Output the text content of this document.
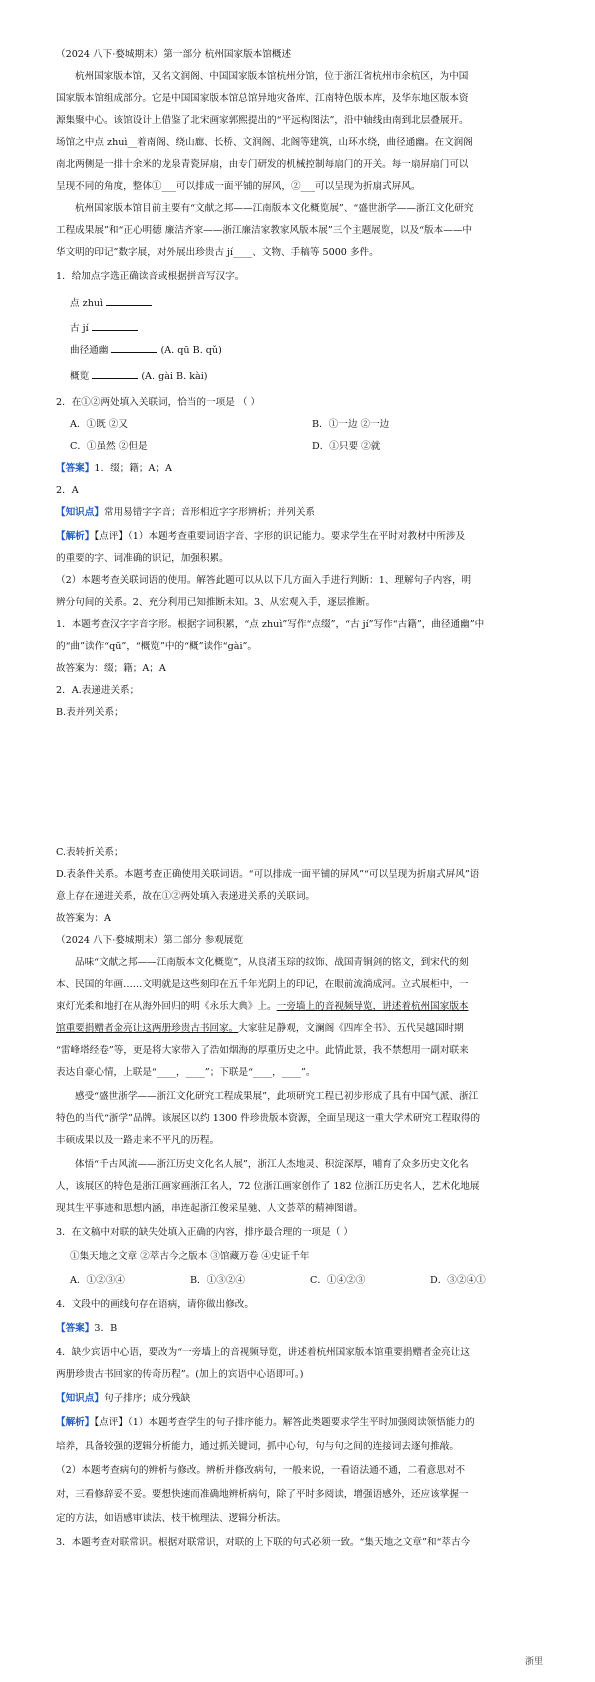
（2024 八下·婺城期末）第一部分 杭州国家版本馆概述
杭州国家版本馆，又名文润阁、中国国家版本馆杭州分馆，位于浙江省杭州市余杭区，为中国
国家版本馆组成部分。它是中国国家版本馆总馆异地灾备库、江南特色版本库，及华东地区版本资
源集聚中心。该馆设计上借鉴了北宋画家郭熙提出的“平远构图法”，沿中轴线由南到北层叠展开。
场馆之中点 zhuì__着南阁、绕山廊、长桥、文润阁、北阁等建筑，山环水绕，曲径通幽。在文润阁
南北两侧是一排十余米的龙泉青瓷屏扇，由专门研发的机械控制每扇门的开关。每一扇屏扇门可以
呈现不同的角度，整体①___可以排成一面平铺的屏风，②___可以呈现为折扇式屏风。
杭州国家版本馆目前主要有“文献之邦——江南版本文化概览展”、“盛世浙学——浙江文化研究
工程成果展”和“正心明德 廉洁齐家——浙江廉洁家教家风版本展”三个主题展览，以及“版本——中
华文明的印记”数字展，对外展出珍贵古 jí____、文物、手稿等 5000 多件。
1．给加点字选正确读音或根据拼音写汉字。
点 zhuì
古 jí
曲径通幽	(A. qū B. qǔ)
概览	(A. gài B. kài)
2．在①②两处填入关联词，恰当的一项是 （ ）
A．①既 ②又	B．①一边 ②一边
C．①虽然 ②但是	D．①只要 ②就
【答案】1．缀；籍；A；A
2．A
【知识点】常用易错字字音；音形相近字字形辨析；并列关系
【解析】【点评】（1）本题考查重要词语字音、字形的识记能力。要求学生在平时对教材中所涉及
的重要的字、词准确的识记，加强积累。
（2）本题考查关联词语的使用。解答此题可以从以下几方面入手进行判断：1、理解句子内容，明
辨分句间的关系。2、充分利用已知推断未知。3、从宏观入手，逐层推断。
1．本题考查汉字字音字形。根据字词积累，“点 zhuì”写作“点缀”，“古 jí”写作“古籍”，曲径通幽”中
的“曲”读作“qū”，“概览”中的“概”读作“gài”。
故答案为：缀；籍；A；A
2．A.表递进关系；
B.表并列关系；
C.表转折关系；
D.表条件关系。本题考查正确使用关联词语。“可以排成一面平铺的屏风”“可以呈现为折扇式屏风”语
意上存在递进关系，故在①②两处填入表递进关系的关联词。
故答案为：A
（2024 八下·婺城期末）第二部分 参观展览
品味“文献之邦——江南版本文化概览”，从良渚玉琮的纹饰、战国青铜剑的铭文，到宋代的刻
本、民国的年画……文明就是这些刻印在五千年光阴上的印记，在眼前流淌成河。立式展柜中，一
束灯光柔和地打在从海外回归的明《永乐大典》上。一旁墙上的音视频导览，讲述着杭州国家版本
馆重要捐赠者金亮让这两册珍贵古书回家。大家驻足静观，文澜阁《四库全书》、五代吴越国时期
“雷峰塔经卷”等，更是将大家带入了浩如烟海的厚重历史之中。此情此景，我不禁想用一副对联来
表达自豪心情，上联是“____，____”；下联是“____，____”。
感受“盛世浙学——浙江文化研究工程成果展”，此项研究工程已初步形成了具有中国气派、浙江
特色的当代“浙学”品牌。该展区以约 1300 件珍贵版本资源，全面呈现这一重大学术研究工程取得的
丰硕成果以及一路走来不平凡的历程。
体悟“千古风流——浙江历史文化名人展”，浙江人杰地灵、积淀深厚，哺育了众多历史文化名
人，该展区的特色是浙江画家画浙江名人，72 位浙江画家创作了 182 位浙江历史名人，艺术化地展
现其生平事迹和思想内涵，串连起浙江俊采星驰、人文荟萃的精神图谱。
3．在文稿中对联的缺失处填入正确的内容，排序最合理的一项是（ ）
①集天地之文章 ②萃古今之版本 ③馆藏万卷 ④史证千年
A．①②③④	B．①③②④	C．①④②③	D．③②④①
4．文段中的画线句存在语病，请你做出修改。
【答案】3．B
4．缺少宾语中心语，要改为“一旁墙上的音视频导览，讲述着杭州国家版本馆重要捐赠者金亮让这
两册珍贵古书回家的传奇历程”。(加上的宾语中心语即可。)
【知识点】句子排序；成分残缺
【解析】【点评】（1）本题考查学生的句子排序能力。解答此类题要求学生平时加强阅读领悟能力的
培养，具备较强的逻辑分析能力，通过抓关键词，抓中心句，句与句之间的连接词去逐句推敲。
（2）本题考查病句的辨析与修改。辨析并修改病句，一般来说，一看语法通不通，二看意思对不
对，三看修辞妥不妥。要想快速而准确地辨析病句，除了平时多阅读，增强语感外，还应该掌握一
定的方法，如语感审读法、枝干梳理法、逻辑分析法。
3．本题考查对联常识。根据对联常识，对联的上下联的句式必须一致。“集天地之文章”和“萃古今
浙里
